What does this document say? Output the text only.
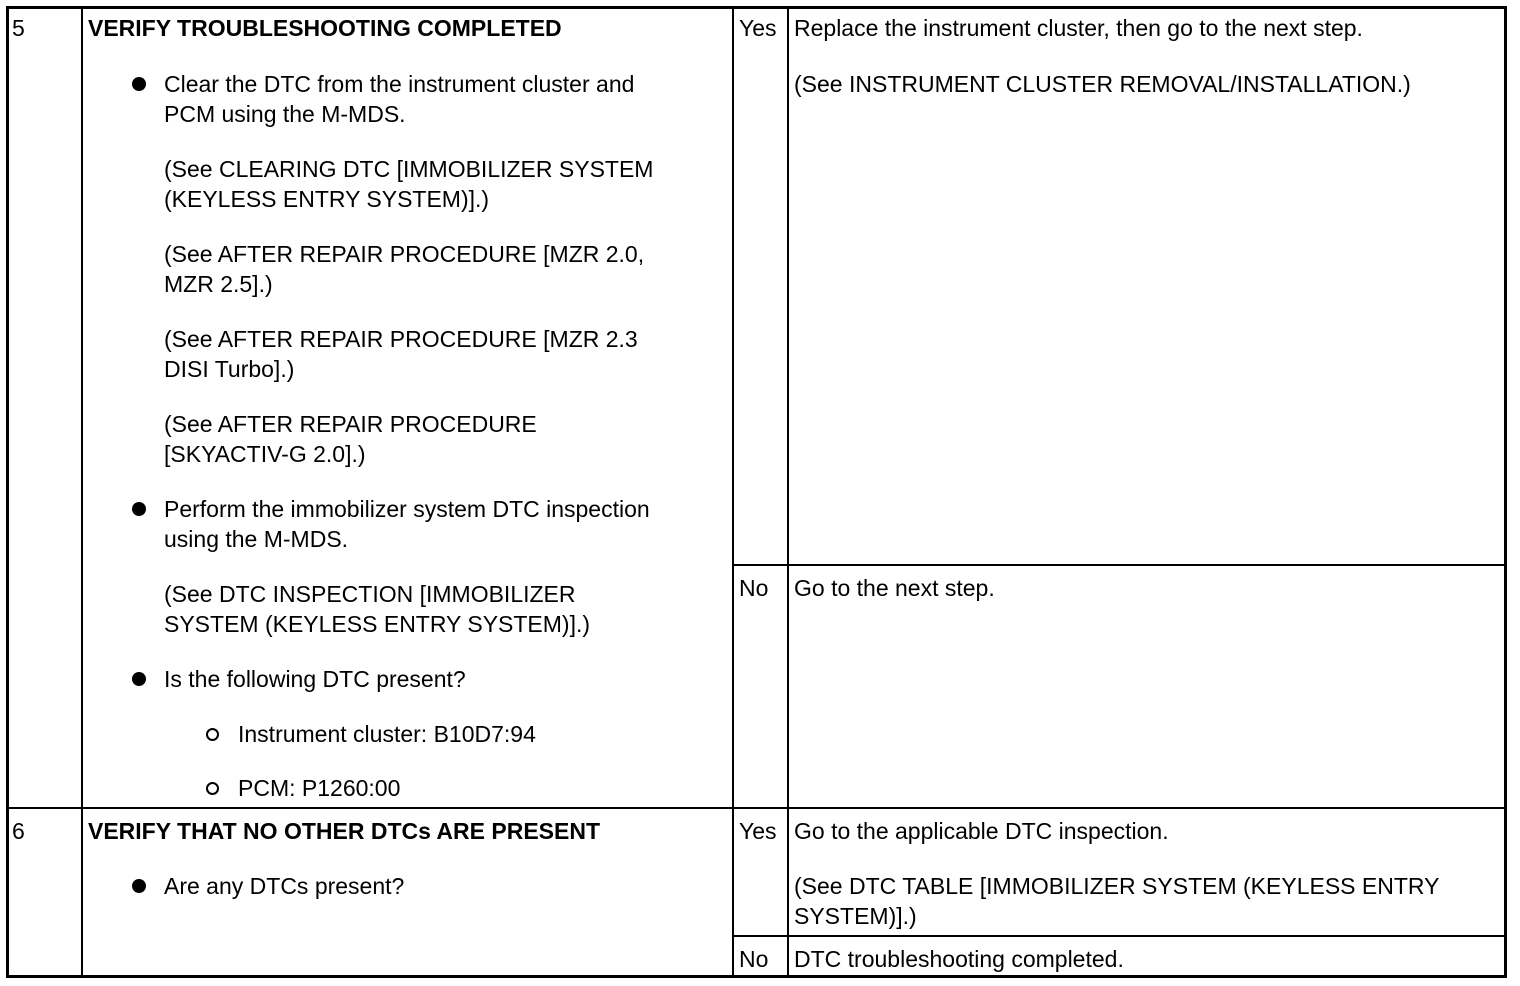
5	VERIFY TROUBLESHOOTING COMPLETED
Clear the DTC from the instrument cluster and
PCM using the M-MDS.
(See CLEARING DTC [IMMOBILIZER SYSTEM
(KEYLESS ENTRY SYSTEM)].)
(See AFTER REPAIR PROCEDURE [MZR 2.0,
MZR 2.5].)
(See AFTER REPAIR PROCEDURE [MZR 2.3
DISI Turbo].)
(See AFTER REPAIR PROCEDURE
[SKYACTIV-G 2.0].)
Perform the immobilizer system DTC inspection
using the M-MDS.
(See DTC INSPECTION [IMMOBILIZER
SYSTEM (KEYLESS ENTRY SYSTEM)].)
Is the following DTC present?
Instrument cluster: B10D7:94
PCM: P1260:00
Yes Replace the instrument cluster, then go to the next step.
(See INSTRUMENT CLUSTER REMOVAL/INSTALLATION.)
No Go to the next step.
6	VERIFY THAT NO OTHER DTCs ARE PRESENT
Are any DTCs present?
Yes Go to the applicable DTC inspection.
(See DTC TABLE [IMMOBILIZER SYSTEM (KEYLESS ENTRY
SYSTEM)].)
No DTC troubleshooting completed.
